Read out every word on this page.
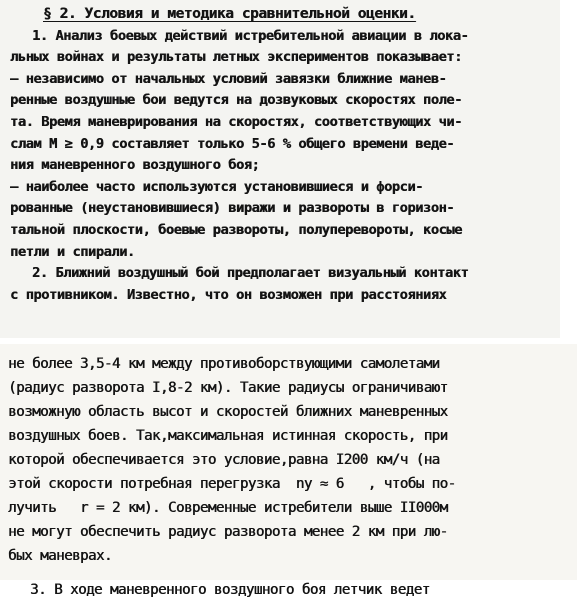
§ 2. Условия и методика сравнительной оценки.
1. Анализ боевых действий истребительной авиации в лока-
льных войнах и результаты летных экспериментов показывает:
– независимо от начальных условий завязки ближние манев-
ренные воздушные бои ведутся на дозвуковых скоростях поле-
та. Время маневрирования на скоростях, соответствующих чи-
слам M ≥ 0,9 составляет только 5-6 % общего времени веде-
ния маневренного воздушного боя;
– наиболее часто используются установившиеся и форси-
рованные (неустановившиеся) виражи и развороты в горизон-
тальной плоскости, боевые развороты, полуперевороты, косые
петли и спирали.
2. Ближний воздушный бой предполагает визуальный контакт
с противником. Известно, что он возможен при расстояниях
не более 3,5-4 км между противоборствующими самолетами
(радиус разворота I,8-2 км). Такие радиусы ограничивают
возможную область высот и скоростей ближних маневренных
воздушных боев. Так,максимальная истинная скорость, при
которой обеспечивается это условие,равна I200 км/ч (на
этой скорости потребная перегрузка  nу ≈ 6   , чтобы по-
лучить   r = 2 км). Современные истребители выше II000м
не могут обеспечить радиус разворота менее 2 км при лю-
бых маневрах.
3. В ходе маневренного воздушного боя летчик ведет
